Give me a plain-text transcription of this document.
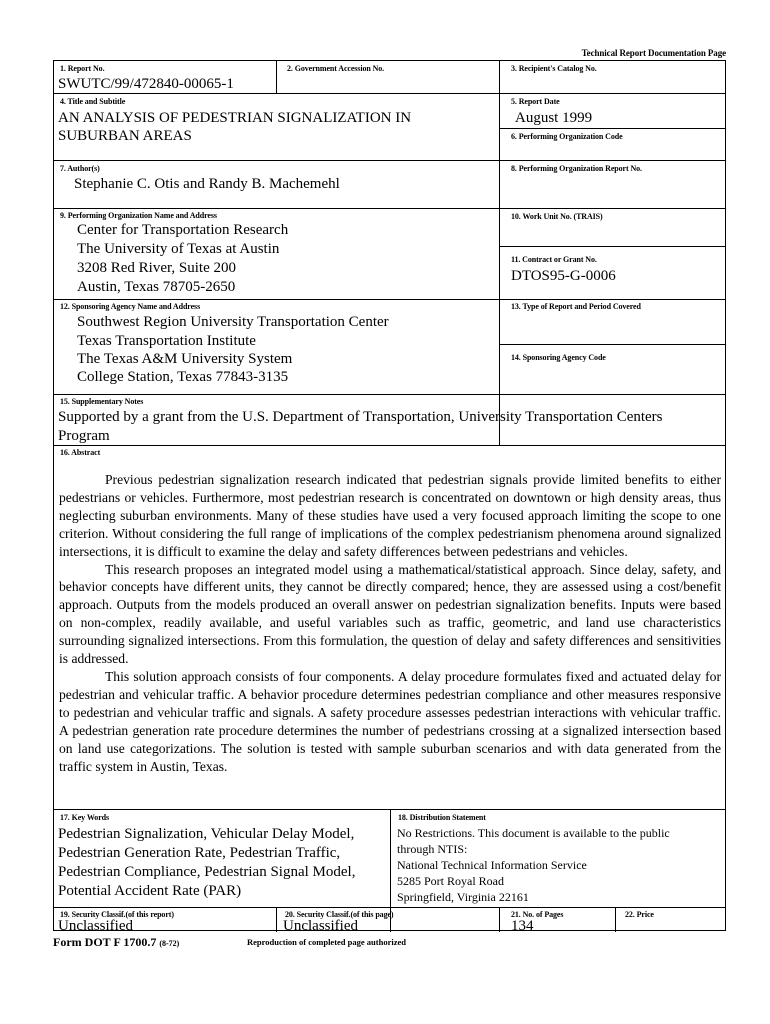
Technical Report Documentation Page
1. Report No.
SWUTC/99/472840-00065-1
2. Government Accession No.	3. Recipient's Catalog No.
4. Title and Subtitle
AN ANALYSIS OF PEDESTRIAN SIGNALIZATION IN
SUBURBAN AREAS
5. Report Date
August 1999
6. Performing Organization Code
7. Author(s)
Stephanie C. Otis and Randy B. Machemehl
8. Performing Organization Report No.
9. Performing Organization Name and Address
Center for Transportation Research
The University of Texas at Austin
3208 Red River, Suite 200
Austin, Texas 78705-2650
10. Work Unit No. (TRAIS)
11. Contract or Grant No.
DTOS95-G-0006
12. Sponsoring Agency Name and Address
Southwest Region University Transportation Center
Texas Transportation Institute
The Texas A&M University System
College Station, Texas 77843-3135
13. Type of Report and Period Covered
14. Sponsoring Agency Code
15. Supplementary Notes
Supported by a grant from the U.S. Department of Transportation, University Transportation Centers
Program
16. Abstract

Previous pedestrian signalization research indicated that pedestrian signals provide limited benefits to either pedestrians or vehicles. Furthermore, most pedestrian research is concentrated on downtown or high density areas, thus neglecting suburban environments. Many of these studies have used a very focused approach limiting the scope to one criterion. Without considering the full range of implications of the complex pedestrianism phenomena around signalized intersections, it is difficult to examine the delay and safety differences between pedestrians and vehicles.

This research proposes an integrated model using a mathematical/statistical approach. Since delay, safety, and behavior concepts have different units, they cannot be directly compared; hence, they are assessed using a cost/benefit approach. Outputs from the models produced an overall answer on pedestrian signalization benefits. Inputs were based on non-complex, readily available, and useful variables such as traffic, geometric, and land use characteristics surrounding signalized intersections. From this formulation, the question of delay and safety differences and sensitivities is addressed.

This solution approach consists of four components. A delay procedure formulates fixed and actuated delay for pedestrian and vehicular traffic. A behavior procedure determines pedestrian compliance and other measures responsive to pedestrian and vehicular traffic and signals. A safety procedure assesses pedestrian interactions with vehicular traffic. A pedestrian generation rate procedure determines the number of pedestrians crossing at a signalized intersection based on land use categorizations. The solution is tested with sample suburban scenarios and with data generated from the traffic system in Austin, Texas.

17. Key Words
Pedestrian Signalization, Vehicular Delay Model,
Pedestrian Generation Rate, Pedestrian Traffic,
Pedestrian Compliance, Pedestrian Signal Model,
Potential Accident Rate (PAR)
18. Distribution Statement
No Restrictions. This document is available to the public
through NTIS:
National Technical Information Service
5285 Port Royal Road
Springfield, Virginia 22161
19. Security Classif.(of this report)
Unclassified
20. Security Classif.(of this page)
Unclassified
21. No. of Pages
134
22. Price
Form DOT F 1700.7 (8-72)	Reproduction of completed page authorized
